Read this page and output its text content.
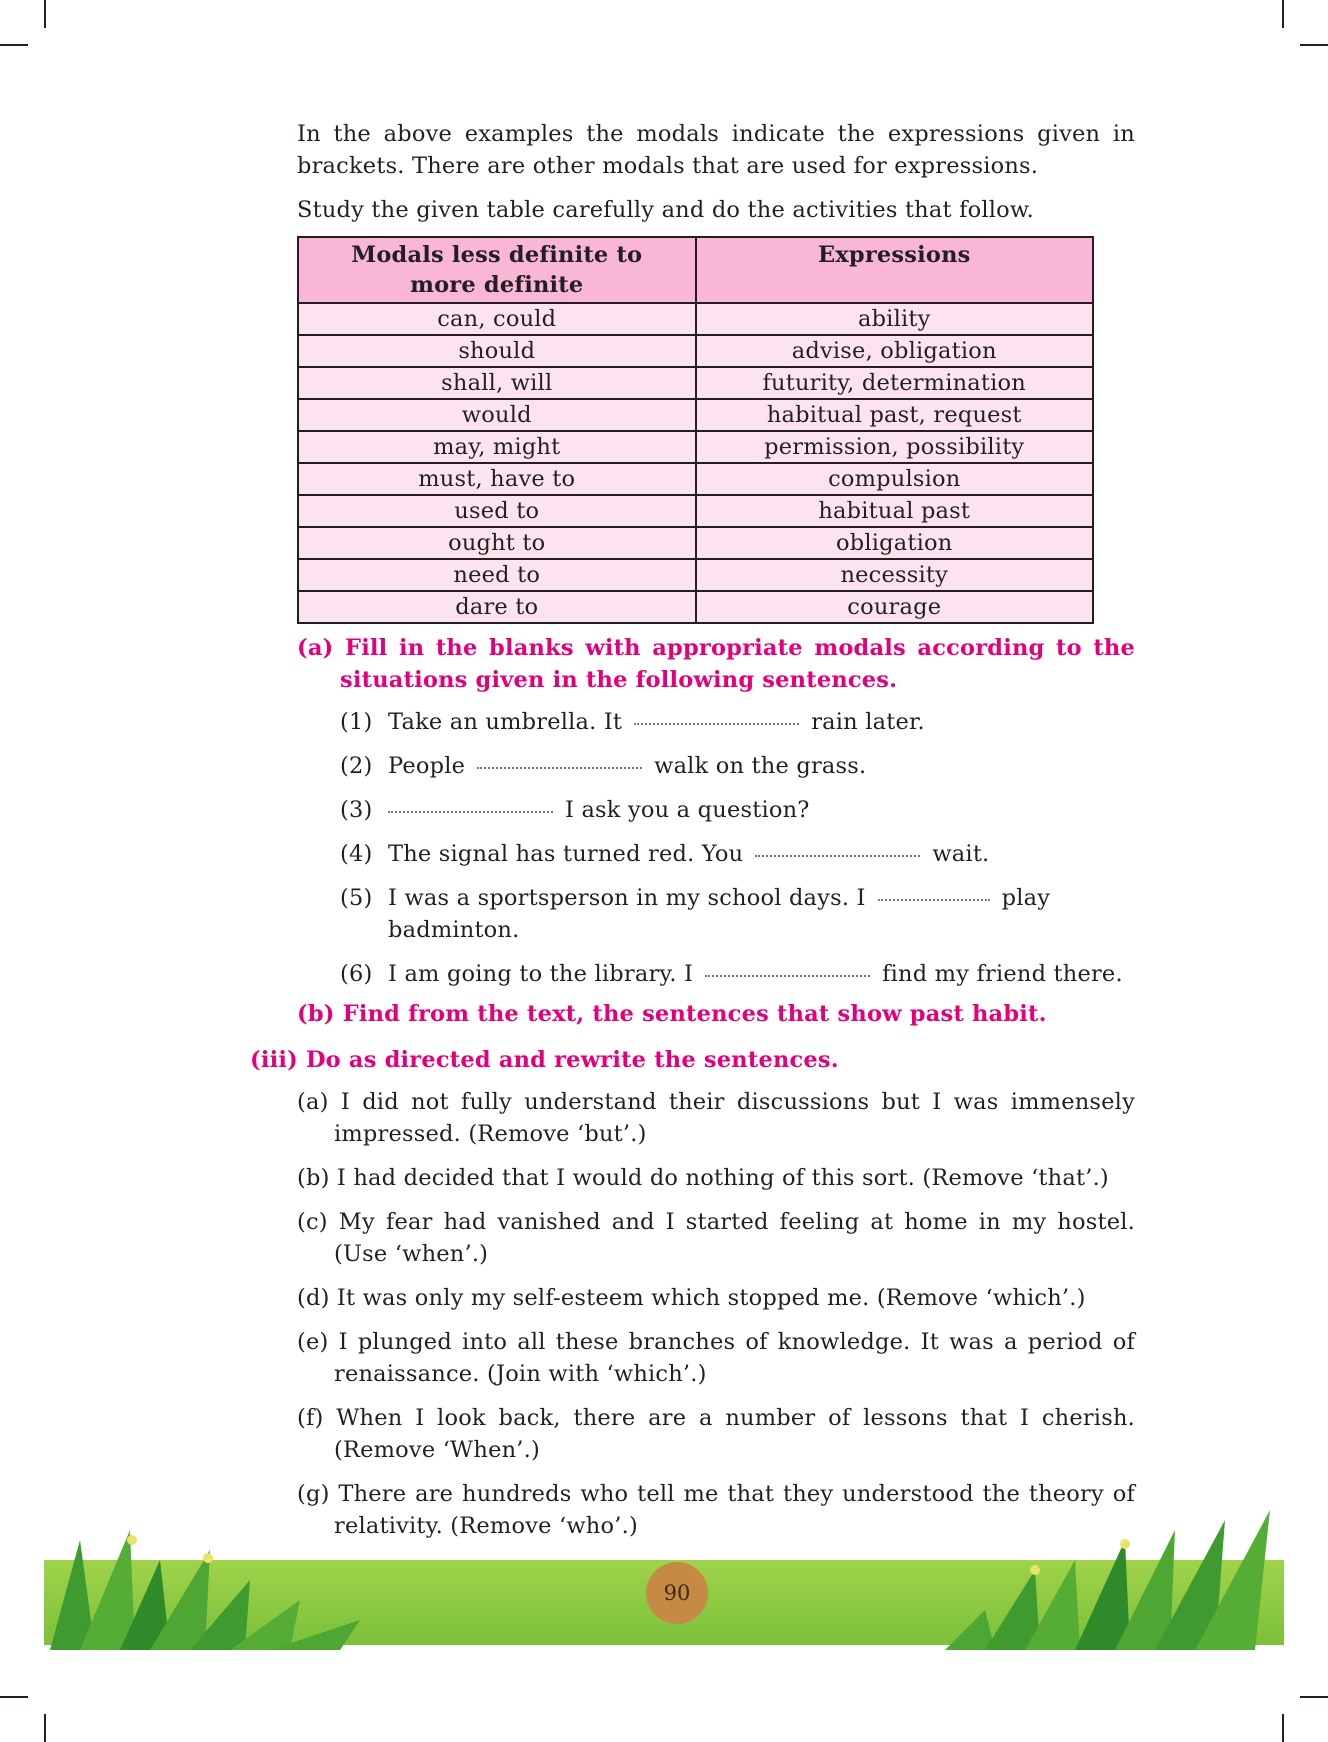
In the above examples the modals indicate the expressions given in brackets. There are other modals that are used for expressions.

Study the given table carefully and do the activities that follow.

Modals less definite to more definite	Expressions
can, could	ability
should	advise, obligation
shall, will	futurity, determination
would	habitual past, request
may, might	permission, possibility
must, have to	compulsion
used to	habitual past
ought to	obligation
need to	necessity
dare to	courage
(a) Fill in the blanks with appropriate modals according to the situations given in the following sentences.
(1) Take an umbrella. It	rain later.
(2) People	walk on the grass.
(3)	I ask you a question?
(4) The signal has turned red. You	wait.
(5) I was a sportsperson in my school days. I	play badminton.
(6) I am going to the library. I	find my friend there.
(b) Find from the text, the sentences that show past habit.
(iii) Do as directed and rewrite the sentences.
(a) I did not fully understand their discussions but I was immensely impressed. (Remove ‘but’.)
(b) I had decided that I would do nothing of this sort. (Remove ‘that’.)
(c) My fear had vanished and I started feeling at home in my hostel. (Use ‘when’.)
(d) It was only my self-esteem which stopped me. (Remove ‘which’.)
(e) I plunged into all these branches of knowledge. It was a period of renaissance. (Join with ‘which’.)
(f) When I look back, there are a number of lessons that I cherish. (Remove ‘When’.)
(g) There are hundreds who tell me that they understood the theory of relativity. (Remove ‘who’.)
90
